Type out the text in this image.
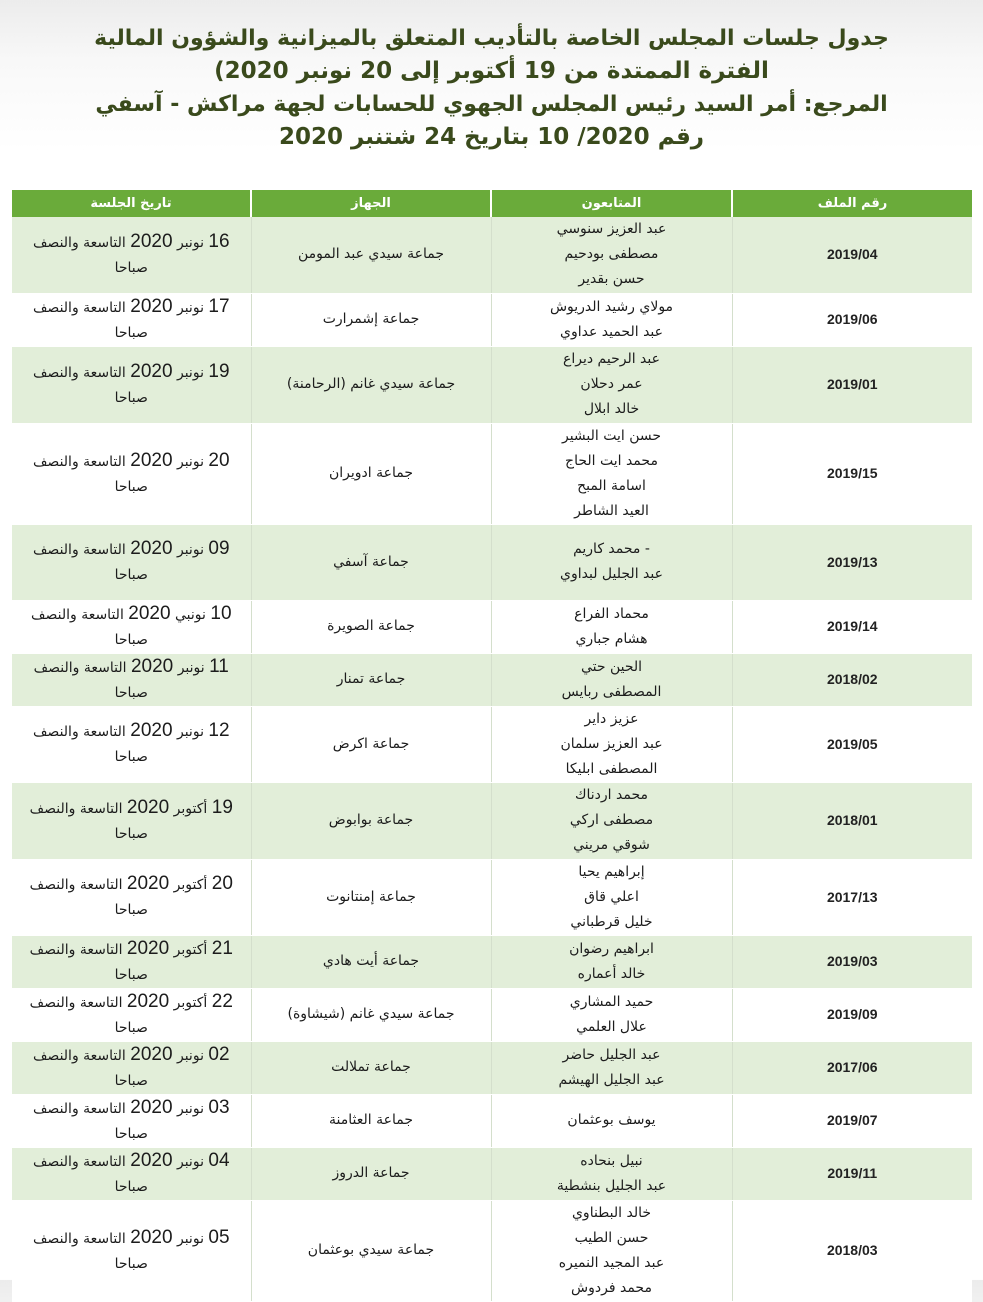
جدول جلسات المجلس الخاصة بالتأديب المتعلق بالميزانية والشؤون المالية
الفترة الممتدة من 19 أكتوبر إلى 20 نونبر 2020)
المرجع: أمر السيد رئيس المجلس الجهوي للحسابات لجهة مراكش - آسفي
رقم 2020/ 10 بتاريخ 24 شتنبر 2020
رقم الملف	المتابعون	الجهاز	تاريخ الجلسة
2019/04	عبد العزيز سنوسي
مصطفى بودحيم
حسن بقدير	جماعة سيدي عبد المومن	16 نونبر 2020 التاسعة والنصف صباحا
2019/06	مولاي رشيد الدريوش
عبد الحميد عداوي	جماعة إشمرارت	17 نونبر 2020 التاسعة والنصف صباحا
2019/01	عبد الرحيم ديراع
عمر دحلان
خالد ابلال	جماعة سيدي غانم (الرحامنة)	19 نونبر 2020 التاسعة والنصف صباحا
2019/15	حسن ايت البشير
محمد ايت الحاج
اسامة المبح
العيد الشاطر	جماعة ادويران	20 نونبر 2020 التاسعة والنصف صباحا
2019/13	- محمد كاريم
عبد الجليل لبداوي	جماعة آسفي	09 نونبر 2020 التاسعة والنصف صباحا
2019/14	محماد الفراع
هشام جباري	جماعة الصويرة	10 نونبي 2020 التاسعة والنصف صباحا
2018/02	الحين حتي
المصطفى ربايس	جماعة تمنار	11 نونبر 2020 التاسعة والنصف صباحا
2019/05	عزيز داير
عبد العزيز سلمان
المصطفى ابليكا	جماعة اكرض	12 نونبر 2020 التاسعة والنصف صباحا
2018/01	محمد اردناك
مصطفى اركي
شوقي مريني	جماعة بوابوض	19 أكتوبر 2020 التاسعة والنصف صباحا
2017/13	إبراهيم يحيا
اعلي قاق
خليل قرطباني	جماعة إمنتانوت	20 أكتوبر 2020 التاسعة والنصف صباحا
2019/03	ابراهيم رضوان
خالد أعماره	جماعة أيت هادي	21 أكتوبر 2020 التاسعة والنصف صباحا
2019/09	حميد المشاري
علال العلمي	جماعة سيدي غانم (شيشاوة)	22 أكتوبر 2020 التاسعة والنصف صباحا
2017/06	عبد الجليل حاضر
عبد الجليل الهيشم	جماعة تملالت	02 نونبر 2020 التاسعة والنصف صباحا
2019/07	يوسف بوعثمان	جماعة العثامنة	03 نونبر 2020 التاسعة والنصف صباحا
2019/11	نبيل بنحاده
عبد الجليل بنشطية	جماعة الدروز	04 نونبر 2020 التاسعة والنصف صباحا
2018/03	خالد البطناوي
حسن الطيب
عبد المجيد النميره
محمد فردوش	جماعة سيدي بوعثمان	05 نونبر 2020 التاسعة والنصف صباحا
